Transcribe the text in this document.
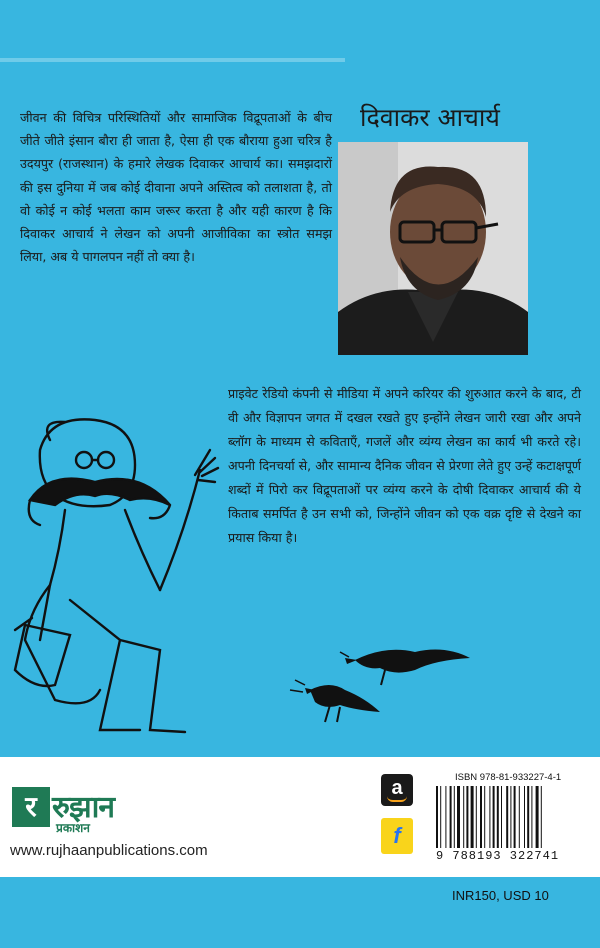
जीवन की विचित्र परिस्थितियों और सामाजिक विद्रूपताओं के बीच जीते जीते इंसान बौरा ही जाता है, ऐसा ही एक बौराया हुआ चरित्र है उदयपुर (राजस्थान) के हमारे लेखक दिवाकर आचार्य का। समझदारों की इस दुनिया में जब कोई दीवाना अपने अस्तित्व को तलाशता है, तो वो कोई न कोई भलता काम जरूर करता है और यही कारण है कि दिवाकर आचार्य ने लेखन को अपनी आजीविका का स्त्रोत समझ लिया, अब ये पागलपन नहीं तो क्या है।
दिवाकर आचार्य
प्राइवेट रेडियो कंपनी से मीडिया में अपने करियर की शुरुआत करने के बाद, टी वी और विज्ञापन जगत में दखल रखते हुए इन्होंने लेखन जारी रखा और अपने ब्लॉग के माध्यम से कविताएँ, गजलें और व्यंग्य लेखन का कार्य भी करते रहे। अपनी दिनचर्या से, और सामान्य दैनिक जीवन से प्रेरणा लेते हुए उन्हें कटाक्षपूर्ण शब्दों में पिरो कर विद्रूपताओं पर व्यंग्य करने के दोषी दिवाकर आचार्य की ये किताब समर्पित है उन सभी को, जिन्होंने जीवन को एक वक्र दृष्टि से देखने का प्रयास किया है।
र रुझान
प्रकाशन
www.rujhaanpublications.com
a
f
ISBN 978-81-933227-4-1
9 788193 322741
INR150, USD 10
